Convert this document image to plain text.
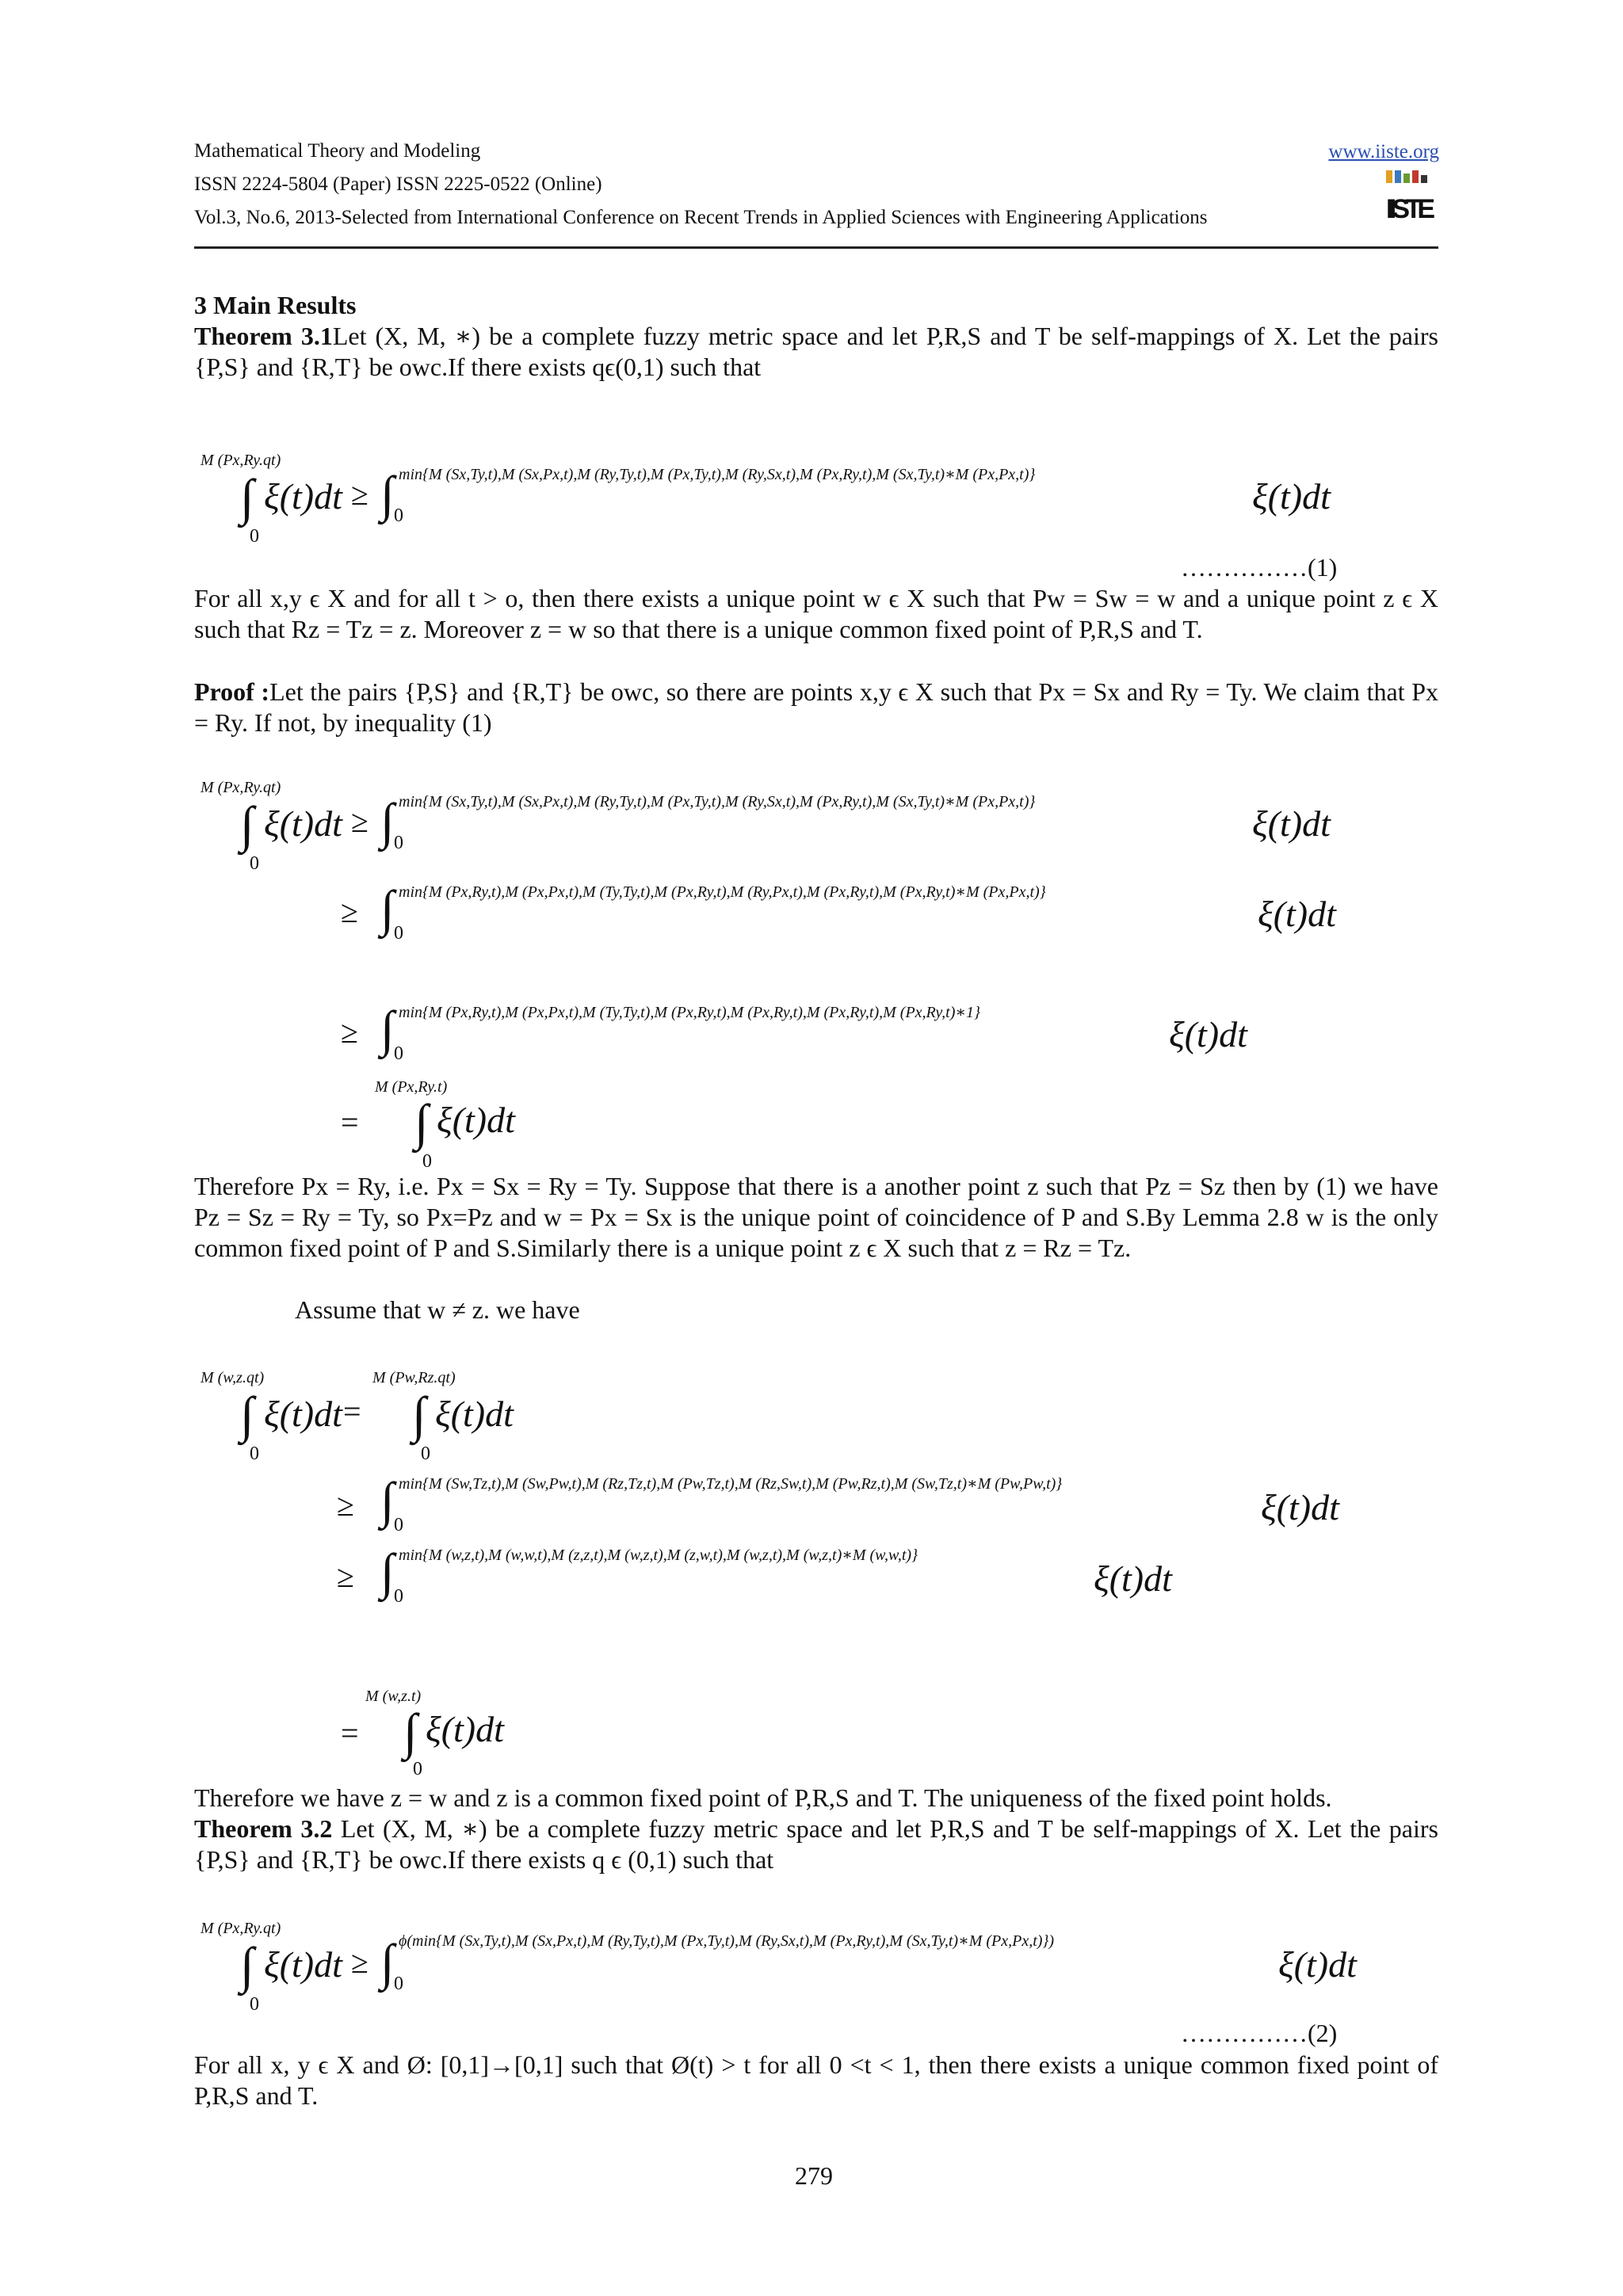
Mathematical Theory and Modeling
ISSN 2224-5804 (Paper) ISSN 2225-0522 (Online)
Vol.3, No.6, 2013-Selected from International Conference on Recent Trends in Applied Sciences with Engineering Applications
www.iiste.org
IISTE
3 Main Results
Theorem 3.1Let (X, M, ∗) be a complete fuzzy metric space and let P,R,S and T be self-mappings of X. Let the pairs {P,S} and {R,T} be owc.If there exists qϵ(0,1) such that
M (Px,Ry.qt)
∫ ξ(t)dt
0
≥ ∫ min{M (Sx,Ty,t),M (Sx,Px,t),M (Ry,Ty,t),M (Px,Ty,t),M (Ry,Sx,t),M (Px,Ry,t),M (Sx,Ty,t)∗M (Px,Px,t)}
0	ξ(t)dt
……………(1)
For all x,y ϵ X and for all t > o, then there exists a unique point w ϵ X such that Pw = Sw = w and a unique point z ϵ X such that Rz = Tz = z. Moreover z = w so that there is a unique common fixed point of P,R,S and T.
Proof :Let the pairs {P,S} and {R,T} be owc, so there are points x,y ϵ X such that Px = Sx and Ry = Ty. We claim that Px = Ry. If not, by inequality (1)
M (Px,Ry.qt)
∫ ξ(t)dt
0
≥ ∫ min{M (Sx,Ty,t),M (Sx,Px,t),M (Ry,Ty,t),M (Px,Ty,t),M (Ry,Sx,t),M (Px,Ry,t),M (Sx,Ty,t)∗M (Px,Px,t)}
0	ξ(t)dt
≥ ∫ min{M (Px,Ry,t),M (Px,Px,t),M (Ty,Ty,t),M (Px,Ry,t),M (Ry,Px,t),M (Px,Ry,t),M (Px,Ry,t)∗M (Px,Px,t)}
0	ξ(t)dt
≥ ∫ min{M (Px,Ry,t),M (Px,Px,t),M (Ty,Ty,t),M (Px,Ry,t),M (Px,Ry,t),M (Px,Ry,t),M (Px,Ry,t)∗1}
0	ξ(t)dt
M (Px,Ry.t)
= ∫ ξ(t)dt
0
Therefore Px = Ry, i.e. Px = Sx = Ry = Ty. Suppose that there is a another point z such that Pz = Sz then by (1) we have Pz = Sz = Ry = Ty, so Px=Pz and w = Px = Sx is the unique point of coincidence of P and S.By Lemma 2.8 w is the only common fixed point of P and S.Similarly there is a unique point z ϵ X such that z = Rz = Tz.
Assume that w ≠ z. we have
M (w,z.qt)
∫ ξ(t)dt
0
=
M (Pw,Rz.qt)
∫ ξ(t)dt
0
≥ ∫ min{M (Sw,Tz,t),M (Sw,Pw,t),M (Rz,Tz,t),M (Pw,Tz,t),M (Rz,Sw,t),M (Pw,Rz,t),M (Sw,Tz,t)∗M (Pw,Pw,t)}
0	ξ(t)dt
≥ ∫ min{M (w,z,t),M (w,w,t),M (z,z,t),M (w,z,t),M (z,w,t),M (w,z,t),M (w,z,t)∗M (w,w,t)}
0	ξ(t)dt
M (w,z.t)
= ∫ ξ(t)dt
0
Therefore we have z = w and z is a common fixed point of P,R,S and T. The uniqueness of the fixed point holds.
Theorem 3.2 Let (X, M, ∗) be a complete fuzzy metric space and let P,R,S and T be self-mappings of X. Let the pairs {P,S} and {R,T} be owc.If there exists q ϵ (0,1) such that
M (Px,Ry.qt)
∫ ξ(t)dt
0
≥ ∫ ϕ(min{M (Sx,Ty,t),M (Sx,Px,t),M (Ry,Ty,t),M (Px,Ty,t),M (Ry,Sx,t),M (Px,Ry,t),M (Sx,Ty,t)∗M (Px,Px,t)})
0	ξ(t)dt
……………(2)
For all x, y ϵ X and Ø: [0,1]→[0,1] such that Ø(t) > t for all 0 <t < 1, then there exists a unique common fixed point of P,R,S and T.
279
